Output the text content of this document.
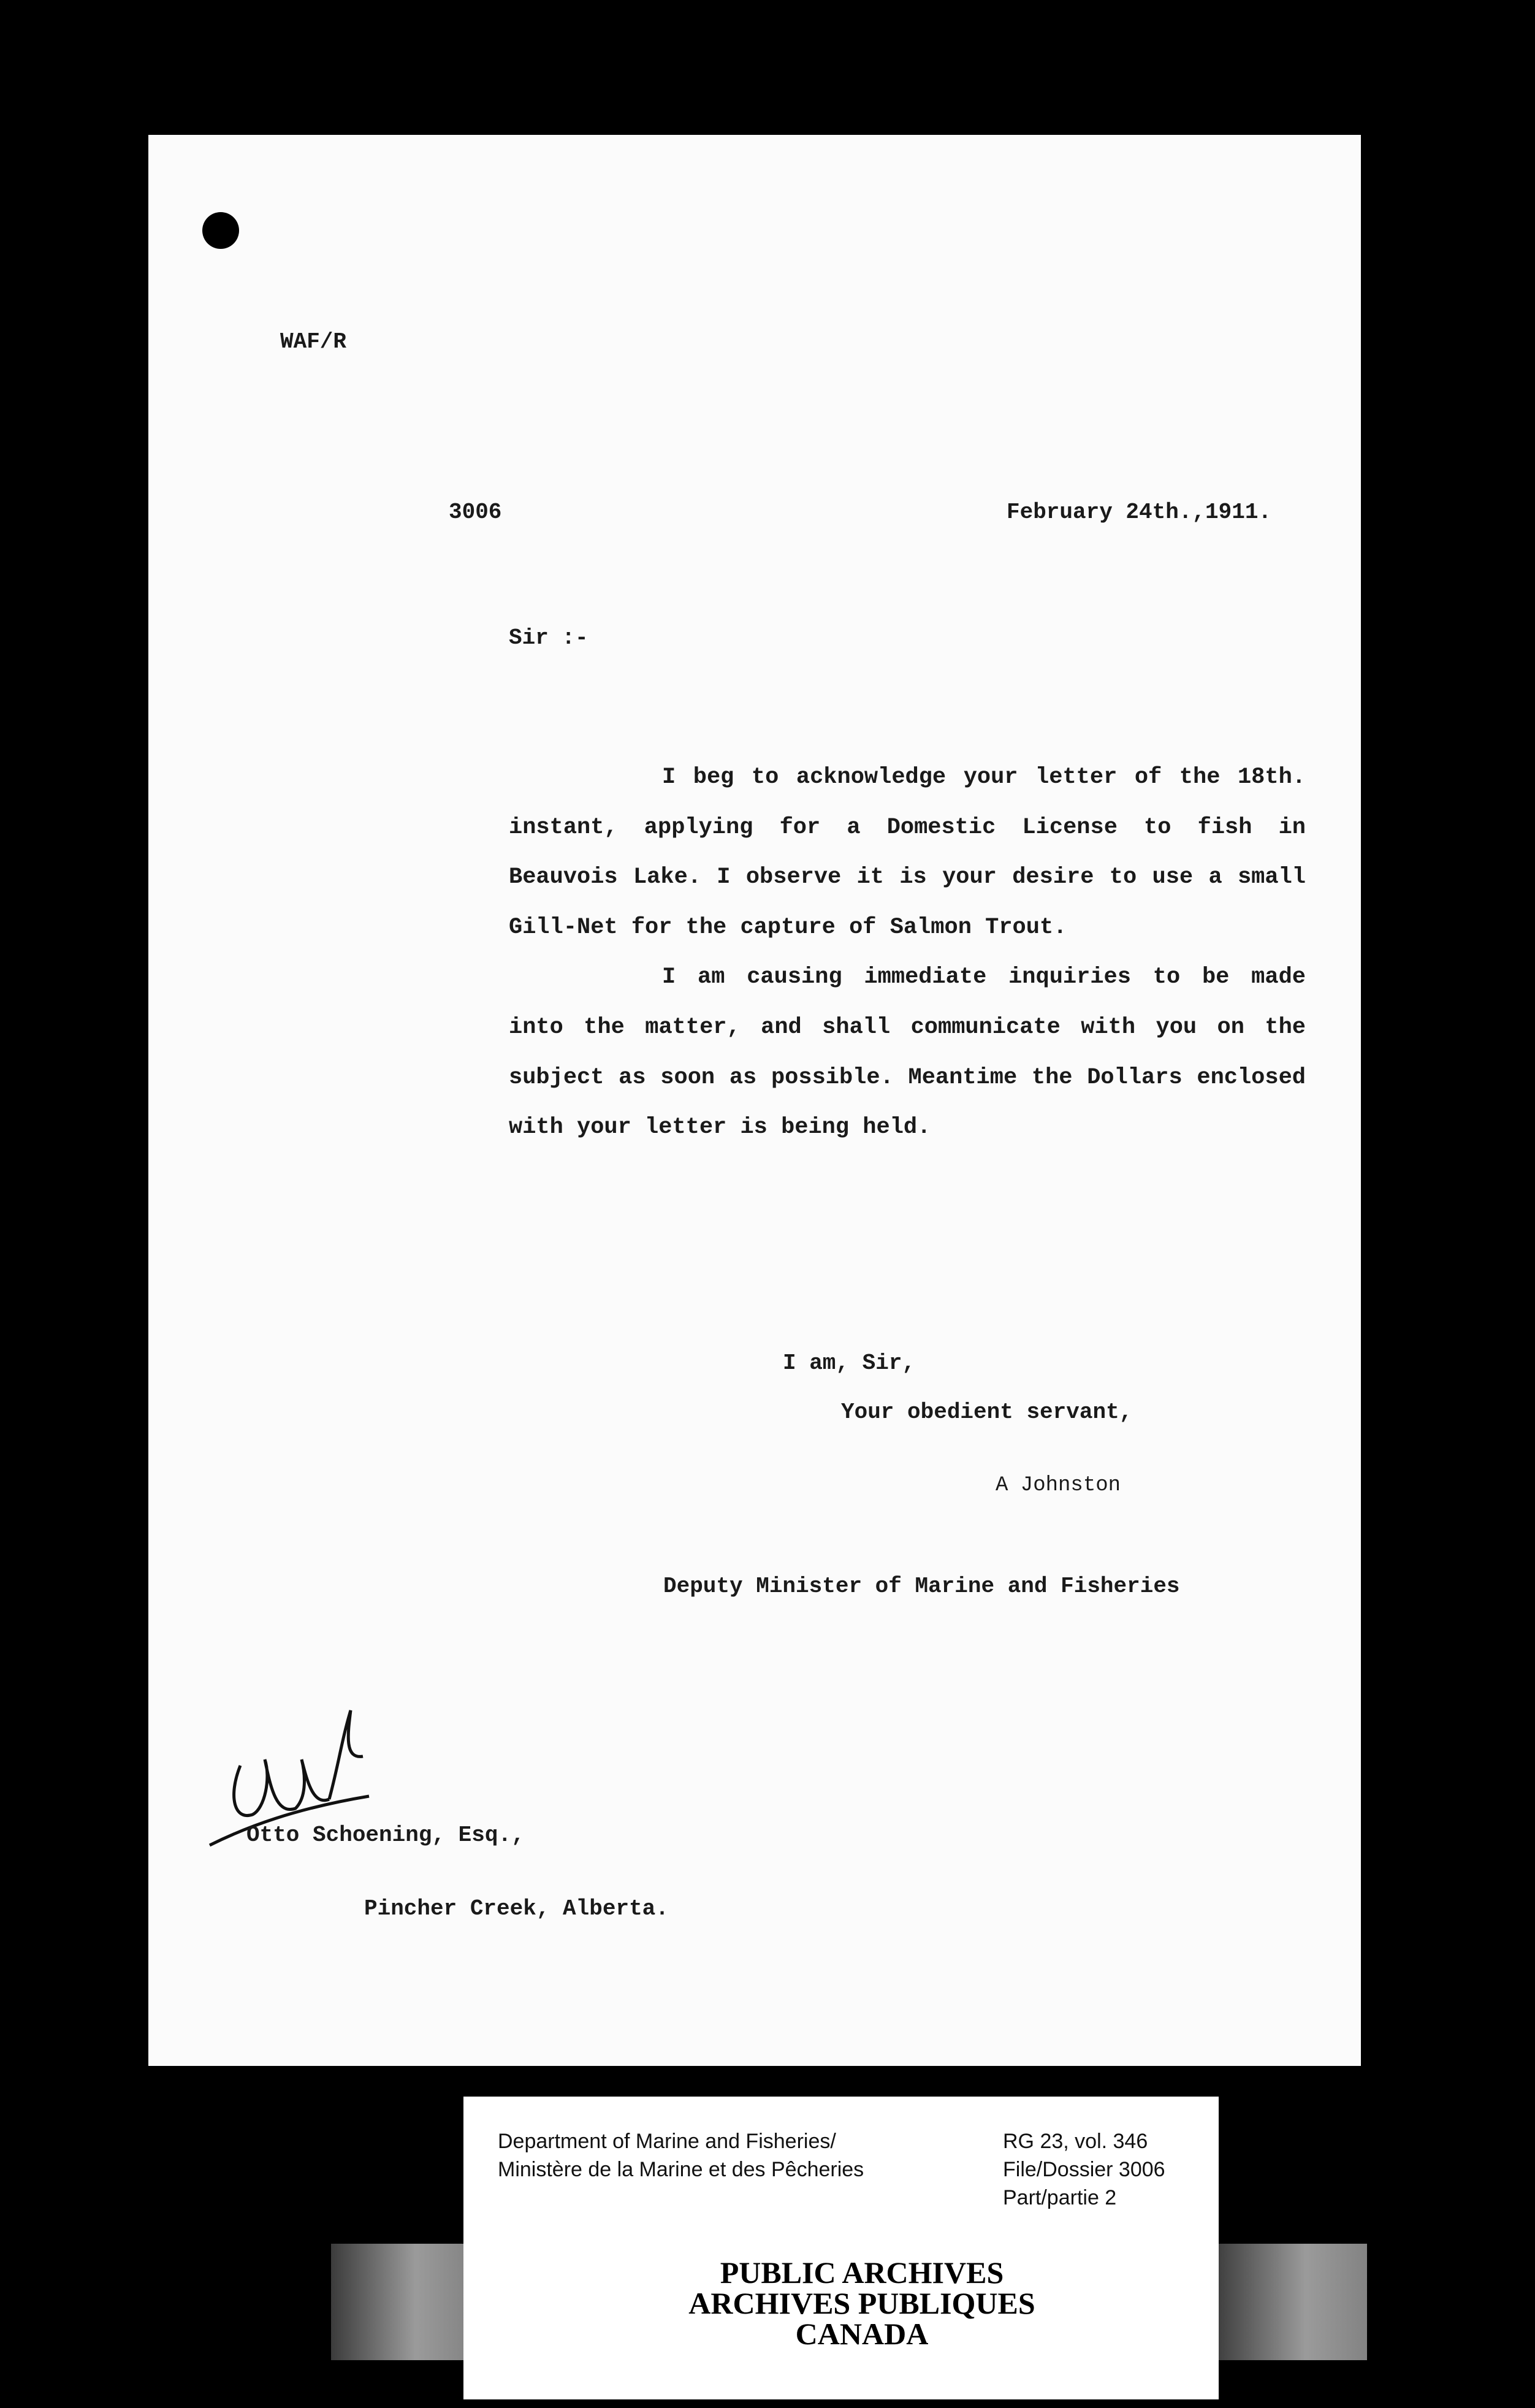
WAF/R
3006	February 24th.,1911.
Sir :-

I beg to acknowledge your letter of the 18th. instant, applying for a Domestic License to fish in Beauvois Lake. I observe it is your desire to use a small Gill-Net for the capture of Salmon Trout.

I am causing immediate inquiries to be made into the matter, and shall communicate with you on the subject as soon as possible. Meantime the Dollars enclosed with your letter is being held.

I am, Sir,
Your obedient servant,
A Johnston
Deputy Minister of Marine and Fisheries
Otto Schoening, Esq.,
Pincher Creek, Alberta.
Department of Marine and Fisheries/
Ministère de la Marine et des Pêcheries
RG 23, vol. 346
File/Dossier 3006
Part/partie 2
PUBLIC ARCHIVES
ARCHIVES PUBLIQUES
CANADA
